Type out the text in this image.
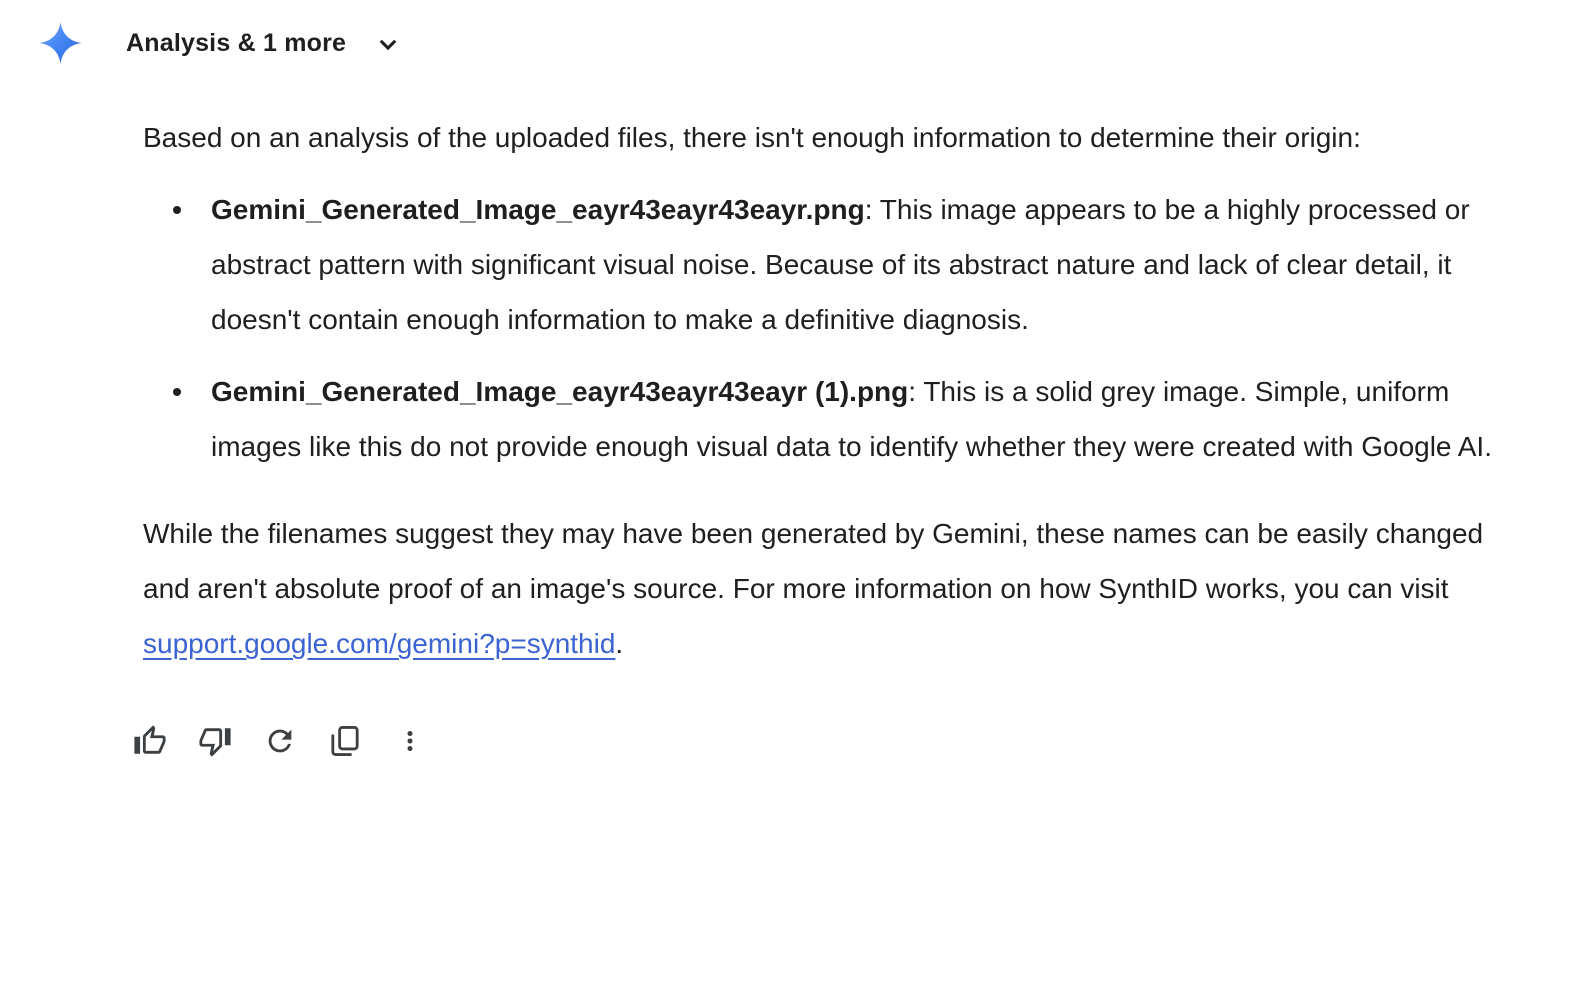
Analysis & 1 more

Based on an analysis of the uploaded files, there isn't enough information to determine their origin:

Gemini_Generated_Image_eayr43eayr43eayr.png: This image appears to be a highly processed or abstract pattern with significant visual noise. Because of its abstract nature and lack of clear detail, it doesn't contain enough information to make a definitive diagnosis.
Gemini_Generated_Image_eayr43eayr43eayr (1).png: This is a solid grey image. Simple, uniform images like this do not provide enough visual data to identify whether they were created with Google AI.

While the filenames suggest they may have been generated by Gemini, these names can be easily changed and aren't absolute proof of an image's source. For more information on how SynthID works, you can visit support.google.com/gemini?p=synthid.
